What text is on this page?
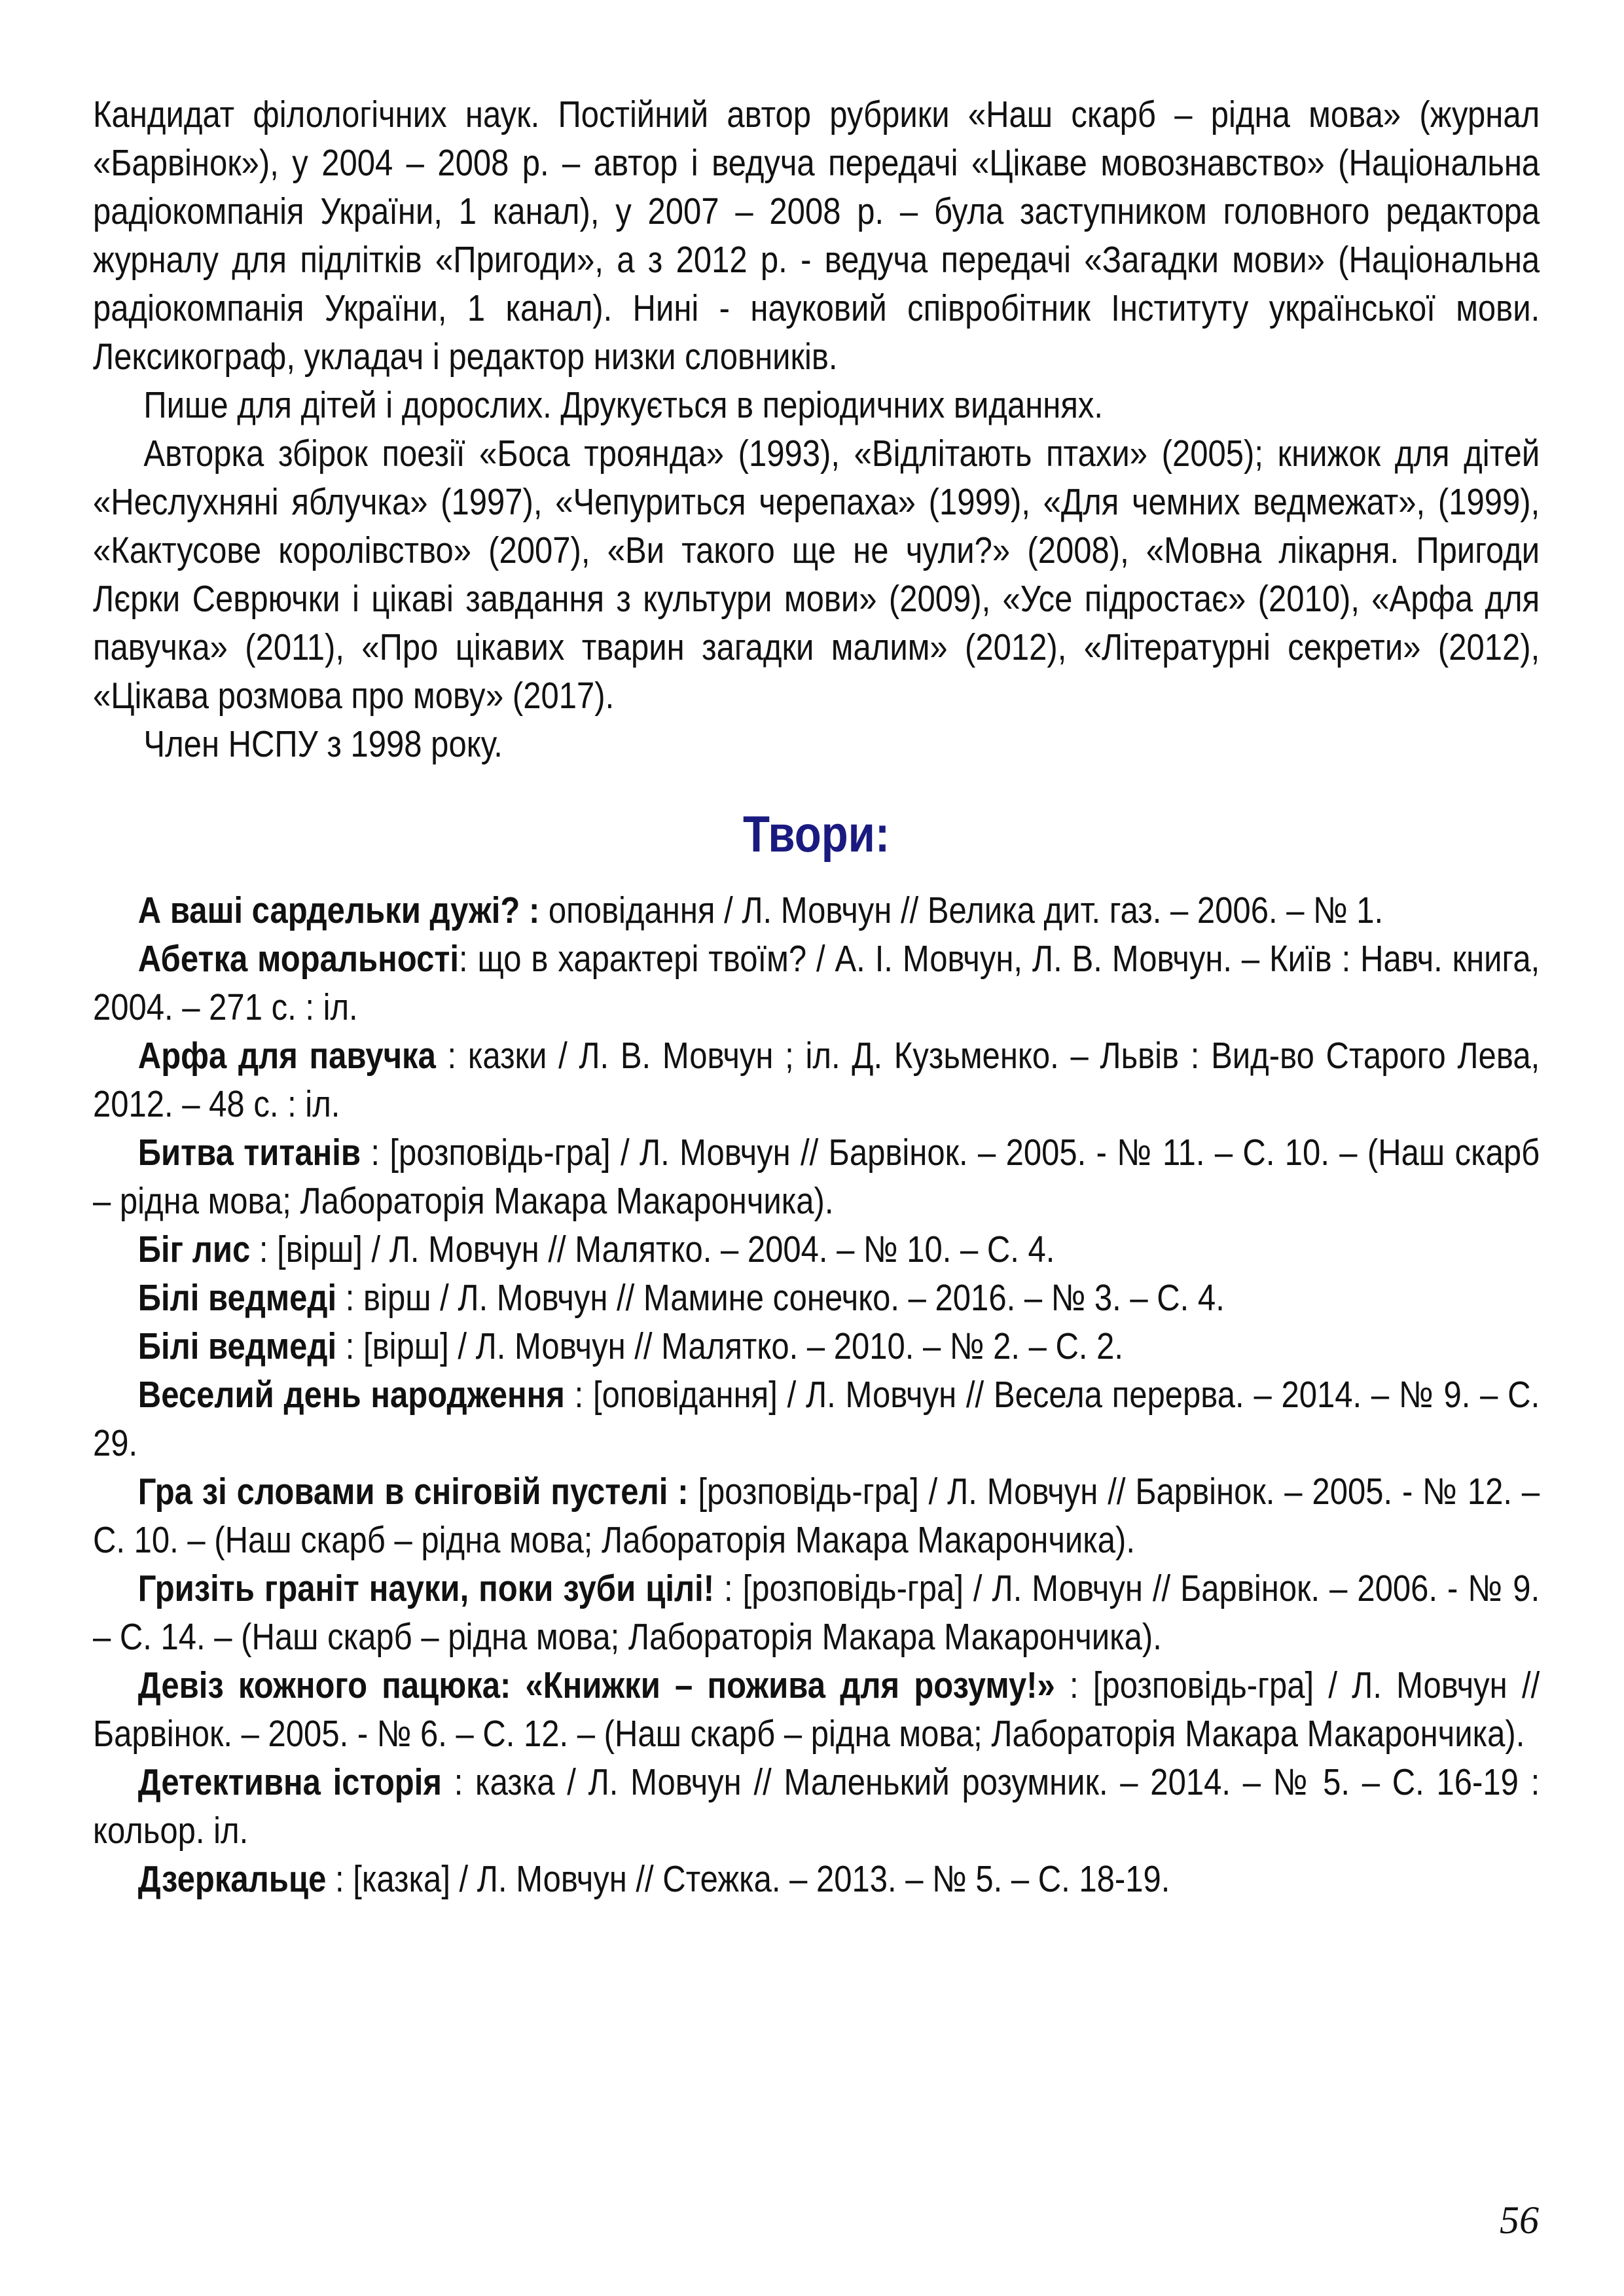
Кандидат філологічних наук. Постійний автор рубрики «Наш скарб – рідна мова» (журнал «Барвінок»), у 2004 – 2008 р. – автор і ведуча передачі «Цікаве мовознавство» (Національна радіокомпанія України, 1 канал), у 2007 – 2008 р. – була заступником головного редактора журналу для підлітків «Пригоди», а з 2012 р. - ведуча передачі «Загадки мови» (Національна радіокомпанія України, 1 канал). Нині - науковий співробітник Інституту української мови. Лексикограф, укладач і редактор низки словників.

Пише для дітей і дорослих. Друкується в періодичних виданнях.

Авторка збірок поезії «Боса троянда» (1993), «Відлітають птахи» (2005); книжок для дітей «Неслухняні яблучка» (1997), «Чепуриться черепаха» (1999), «Для чемних ведмежат», (1999), «Кактусове королівство» (2007), «Ви такого ще не чули?» (2008), «Мовна лікарня. Пригоди Лєрки Севрючки і цікаві завдання з культури мови» (2009), «Усе підростає» (2010), «Арфа для павучка» (2011), «Про цікавих тварин загадки малим» (2012), «Літературні секрети» (2012), «Цікава розмова про мову» (2017).

Член НСПУ з 1998 року.

Твори:

А ваші сардельки дужі? : оповідання / Л. Мовчун // Велика дит. газ. – 2006. – № 1.

Абетка моральності: що в характері твоїм? / А. І. Мовчун, Л. В. Мовчун. – Київ : Навч. книга, 2004. – 271 с. : іл.

Арфа для павучка : казки / Л. В. Мовчун ; іл. Д. Кузьменко. – Львів : Вид-во Старого Лева, 2012. – 48 с. : іл.

Битва титанів : [розповідь-гра] / Л. Мовчун // Барвінок. – 2005. - № 11. – С. 10. – (Наш скарб – рідна мова; Лабораторія Макара Макарончика).

Біг лис : [вірш] / Л. Мовчун // Малятко. – 2004. – № 10. – С. 4.

Білі ведмеді : вірш / Л. Мовчун // Мамине сонечко. – 2016. – № 3. – С. 4.

Білі ведмеді : [вірш] / Л. Мовчун // Малятко. – 2010. – № 2. – С. 2.

Веселий день народження : [оповідання] / Л. Мовчун // Весела перерва. – 2014. – № 9. – С. 29.

Гра зі словами в сніговій пустелі : [розповідь-гра] / Л. Мовчун // Барвінок. – 2005. - № 12. – С. 10. – (Наш скарб – рідна мова; Лабораторія Макара Макарончика).

Гризіть граніт науки, поки зуби цілі! : [розповідь-гра] / Л. Мовчун // Барвінок. – 2006. - № 9. – С. 14. – (Наш скарб – рідна мова; Лабораторія Макара Макарончика).

Девіз кожного пацюка: «Книжки – пожива для розуму!» : [розповідь-гра] / Л. Мовчун // Барвінок. – 2005. - № 6. – С. 12. – (Наш скарб – рідна мова; Лабораторія Макара Макарончика).

Детективна історія : казка / Л. Мовчун // Маленький розумник. – 2014. – № 5. – С. 16-19 : кольор. іл.

Дзеркальце : [казка] / Л. Мовчун // Стежка. – 2013. – № 5. – С. 18-19.

56
